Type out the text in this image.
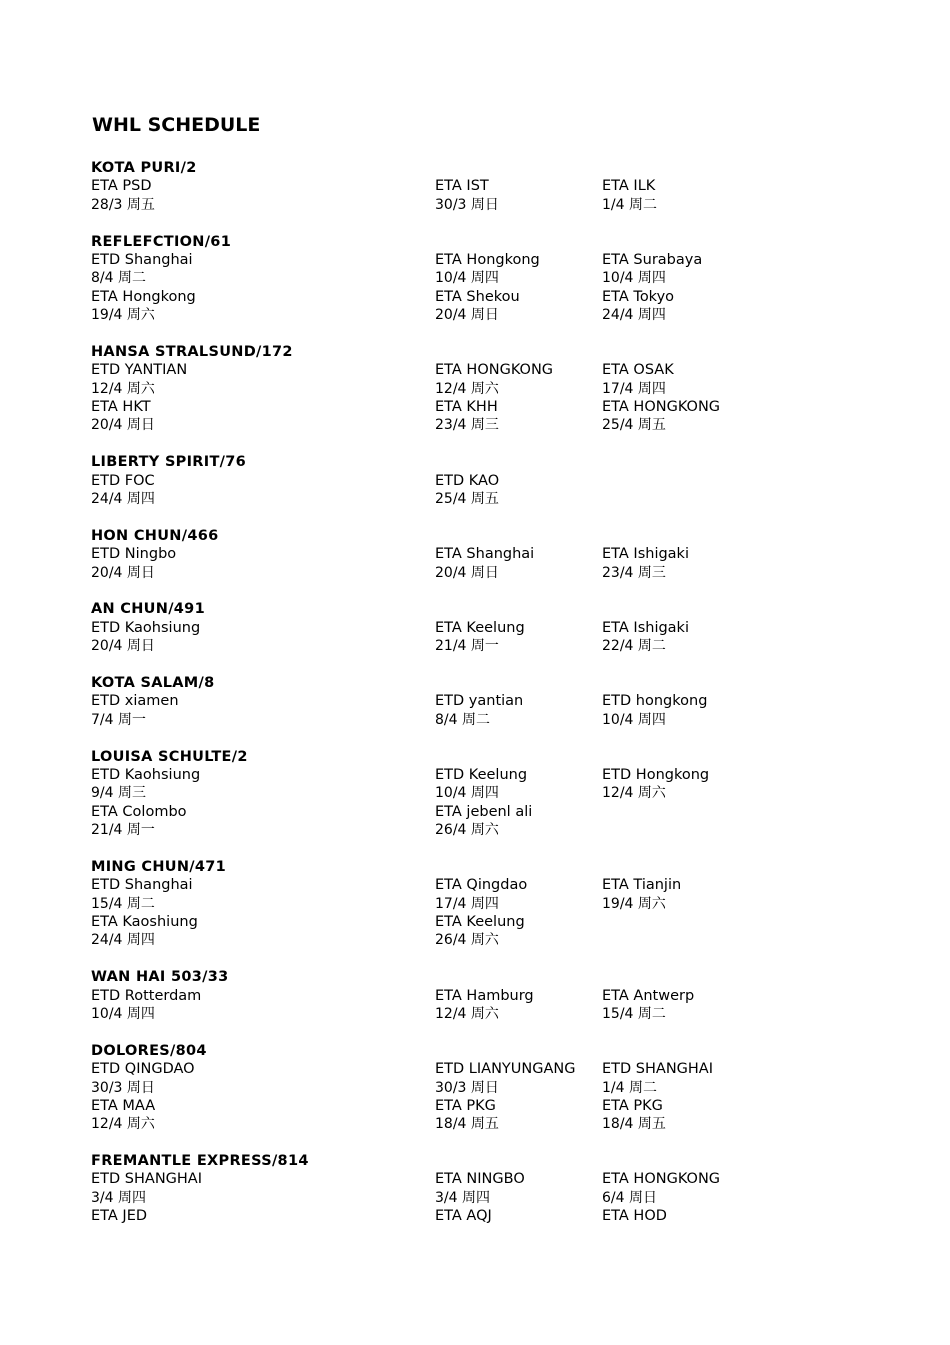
WHL SCHEDULE
KOTA PURI/2
ETA PSD	ETA IST	ETA ILK
28/3 周五	30/3 周日	1/4 周二
REFLEFCTION/61
ETD Shanghai	ETA Hongkong	ETA Surabaya
8/4 周二	10/4 周四	10/4 周四
ETA Hongkong	ETA Shekou	ETA Tokyo
19/4 周六	20/4 周日	24/4 周四
HANSA STRALSUND/172
ETD YANTIAN	ETA HONGKONG	ETA OSAK
12/4 周六	12/4 周六	17/4 周四
ETA HKT	ETA KHH	ETA HONGKONG
20/4 周日	23/4 周三	25/4 周五
LIBERTY SPIRIT/76
ETD FOC	ETD KAO
24/4 周四	25/4 周五
HON CHUN/466
ETD Ningbo	ETA Shanghai	ETA Ishigaki
20/4 周日	20/4 周日	23/4 周三
AN CHUN/491
ETD Kaohsiung	ETA Keelung	ETA Ishigaki
20/4 周日	21/4 周一	22/4 周二
KOTA SALAM/8
ETD xiamen	ETD yantian	ETD hongkong
7/4 周一	8/4 周二	10/4 周四
LOUISA SCHULTE/2
ETD Kaohsiung	ETD Keelung	ETD Hongkong
9/4 周三	10/4 周四	12/4 周六
ETA Colombo	ETA jebenl ali
21/4 周一	26/4 周六
MING CHUN/471
ETD Shanghai	ETA Qingdao	ETA Tianjin
15/4 周二	17/4 周四	19/4 周六
ETA Kaoshiung	ETA Keelung
24/4 周四	26/4 周六
WAN HAI 503/33
ETD Rotterdam	ETA Hamburg	ETA Antwerp
10/4 周四	12/4 周六	15/4 周二
DOLORES/804
ETD QINGDAO	ETD LIANYUNGANG	ETD SHANGHAI
30/3 周日	30/3 周日	1/4 周二
ETA MAA	ETA PKG	ETA PKG
12/4 周六	18/4 周五	18/4 周五
FREMANTLE EXPRESS/814
ETD SHANGHAI	ETA NINGBO	ETA HONGKONG
3/4 周四	3/4 周四	6/4 周日
ETA JED	ETA AQJ	ETA HOD
